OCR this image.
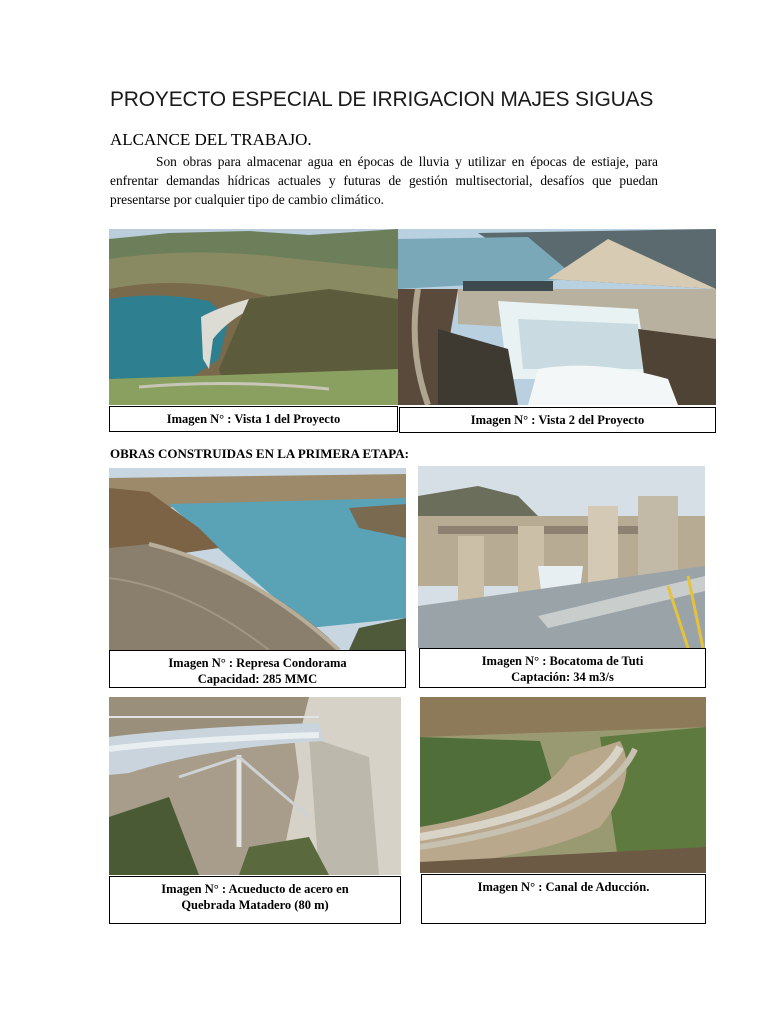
PROYECTO ESPECIAL DE IRRIGACION MAJES SIGUAS
ALCANCE DEL TRABAJO.
Son obras para almacenar agua en épocas de lluvia y utilizar en épocas de estiaje, para enfrentar demandas hídricas actuales y futuras de gestión multisectorial, desafíos que puedan presentarse por cualquier tipo de cambio climático.
Imagen N° : Vista 1 del Proyecto	Imagen N° : Vista 2 del Proyecto
OBRAS CONSTRUIDAS EN LA PRIMERA ETAPA:
Imagen N° : Represa Condorama
Capacidad: 285 MMC
Imagen N° : Bocatoma de Tuti
Captación: 34 m3/s
Imagen N° : Acueducto de acero en
Quebrada Matadero (80 m)
Imagen N° : Canal de Aducción.
